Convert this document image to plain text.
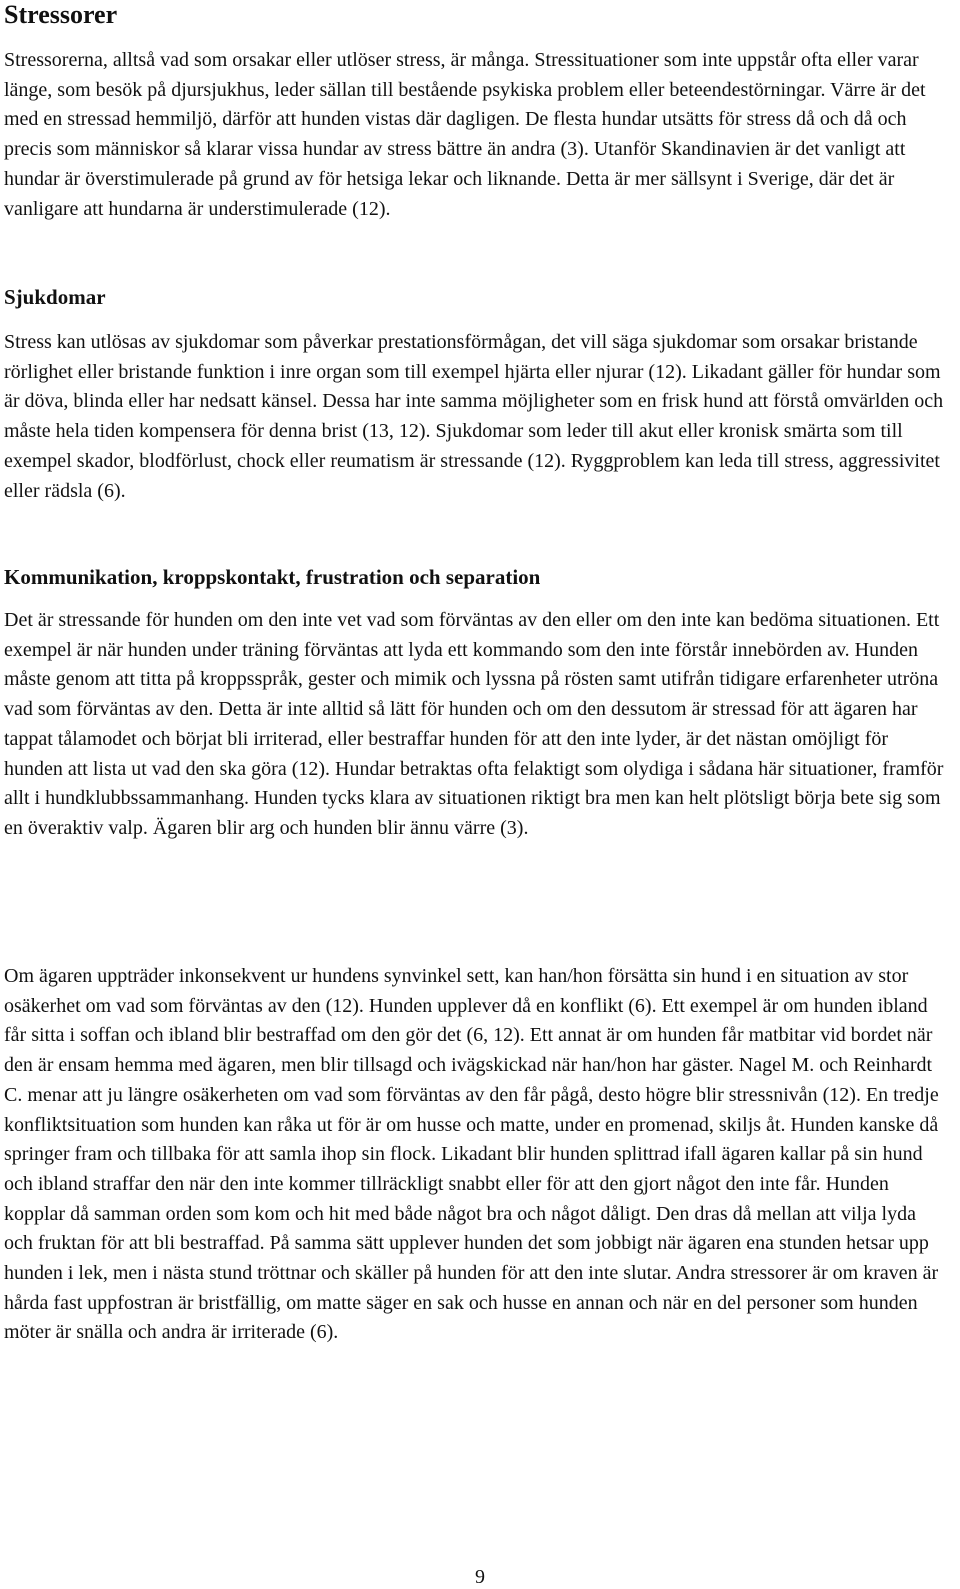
Stressorer

Stressorerna, alltså vad som orsakar eller utlöser stress, är många. Stressituationer som inte uppstår ofta eller varar länge, som besök på djursjukhus, leder sällan till bestående psykiska problem eller beteendestörningar. Värre är det med en stressad hemmiljö, därför att hunden vistas där dagligen. De flesta hundar utsätts för stress då och då och precis som människor så klarar vissa hundar av stress bättre än andra (3). Utanför Skandinavien är det vanligt att hundar är överstimulerade på grund av för hetsiga lekar och liknande. Detta är mer sällsynt i Sverige, där det är vanligare att hundarna är understimulerade (12).

Sjukdomar

Stress kan utlösas av sjukdomar som påverkar prestationsförmågan, det vill säga sjukdomar som orsakar bristande rörlighet eller bristande funktion i inre organ som till exempel hjärta eller njurar (12). Likadant gäller för hundar som är döva, blinda eller har nedsatt känsel. Dessa har inte samma möjligheter som en frisk hund att förstå omvärlden och måste hela tiden kompensera för denna brist (13, 12). Sjukdomar som leder till akut eller kronisk smärta som till exempel skador, blodförlust, chock eller reumatism är stressande (12). Ryggproblem kan leda till stress, aggressivitet eller rädsla (6).

Kommunikation, kroppskontakt, frustration och separation

Det är stressande för hunden om den inte vet vad som förväntas av den eller om den inte kan bedöma situationen. Ett exempel är när hunden under träning förväntas att lyda ett kommando som den inte förstår innebörden av. Hunden måste genom att titta på kroppsspråk, gester och mimik och lyssna på rösten samt utifrån tidigare erfarenheter utröna vad som förväntas av den. Detta är inte alltid så lätt för hunden och om den dessutom är stressad för att ägaren har tappat tålamodet och börjat bli irriterad, eller bestraffar hunden för att den inte lyder, är det nästan omöjligt för hunden att lista ut vad den ska göra (12). Hundar betraktas ofta felaktigt som olydiga i sådana här situationer, framför allt i hundklubbssammanhang. Hunden tycks klara av situationen riktigt bra men kan helt plötsligt börja bete sig som en överaktiv valp. Ägaren blir arg och hunden blir ännu värre (3).

Om ägaren uppträder inkonsekvent ur hundens synvinkel sett, kan han/hon försätta sin hund i en situation av stor osäkerhet om vad som förväntas av den (12). Hunden upplever då en konflikt (6). Ett exempel är om hunden ibland får sitta i soffan och ibland blir bestraffad om den gör det (6, 12). Ett annat är om hunden får matbitar vid bordet när den är ensam hemma med ägaren, men blir tillsagd och ivägskickad när han/hon har gäster. Nagel M. och Reinhardt C. menar att ju längre osäkerheten om vad som förväntas av den får pågå, desto högre blir stressnivån (12). En tredje konfliktsituation som hunden kan råka ut för är om husse och matte, under en promenad, skiljs åt. Hunden kanske då springer fram och tillbaka för att samla ihop sin flock. Likadant blir hunden splittrad ifall ägaren kallar på sin hund och ibland straffar den när den inte kommer tillräckligt snabbt eller för att den gjort något den inte får. Hunden kopplar då samman orden som kom och hit med både något bra och något dåligt. Den dras då mellan att vilja lyda och fruktan för att bli bestraffad. På samma sätt upplever hunden det som jobbigt när ägaren ena stunden hetsar upp hunden i lek, men i nästa stund tröttnar och skäller på hunden för att den inte slutar. Andra stressorer är om kraven är hårda fast uppfostran är bristfällig, om matte säger en sak och husse en annan och när en del personer som hunden möter är snälla och andra är irriterade (6).

9
